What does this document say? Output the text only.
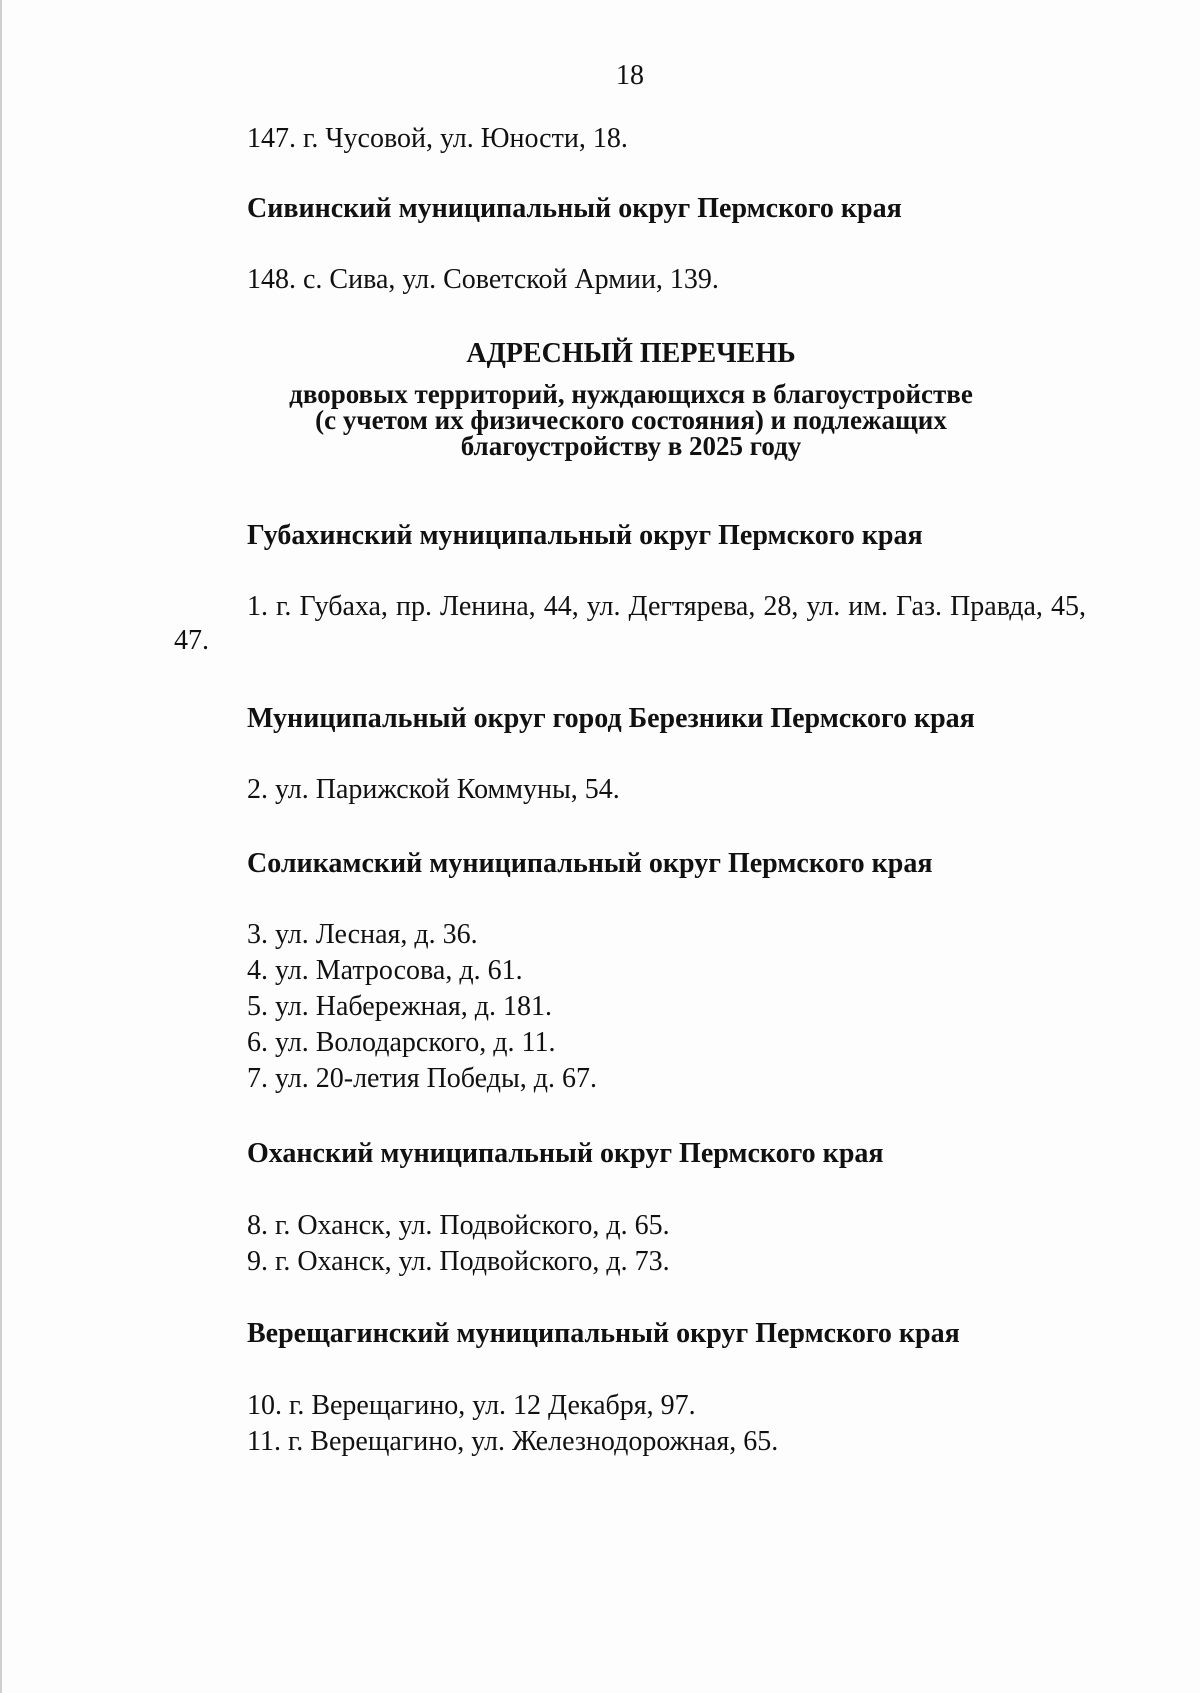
18
147. г. Чусовой, ул. Юности, 18.
Сивинский муниципальный округ Пермского края
148. с. Сива, ул. Советской Армии, 139.
АДРЕСНЫЙ ПЕРЕЧЕНЬ
дворовых территорий, нуждающихся в благоустройстве
(с учетом их физического состояния) и подлежащих
благоустройству в 2025 году
Губахинский муниципальный округ Пермского края
1. г. Губаха, пр. Ленина, 44, ул. Дегтярева, 28, ул. им. Газ. Правда, 45, 47.
Муниципальный округ город Березники Пермского края
2. ул. Парижской Коммуны, 54.
Соликамский муниципальный округ Пермского края
3. ул. Лесная, д. 36.
4. ул. Матросова, д. 61.
5. ул. Набережная, д. 181.
6. ул. Володарского, д. 11.
7. ул. 20-летия Победы, д. 67.
Оханский муниципальный округ Пермского края
8. г. Оханск, ул. Подвойского, д. 65.
9. г. Оханск, ул. Подвойского, д. 73.
Верещагинский муниципальный округ Пермского края
10. г. Верещагино, ул. 12 Декабря, 97.
11. г. Верещагино, ул. Железнодорожная, 65.
